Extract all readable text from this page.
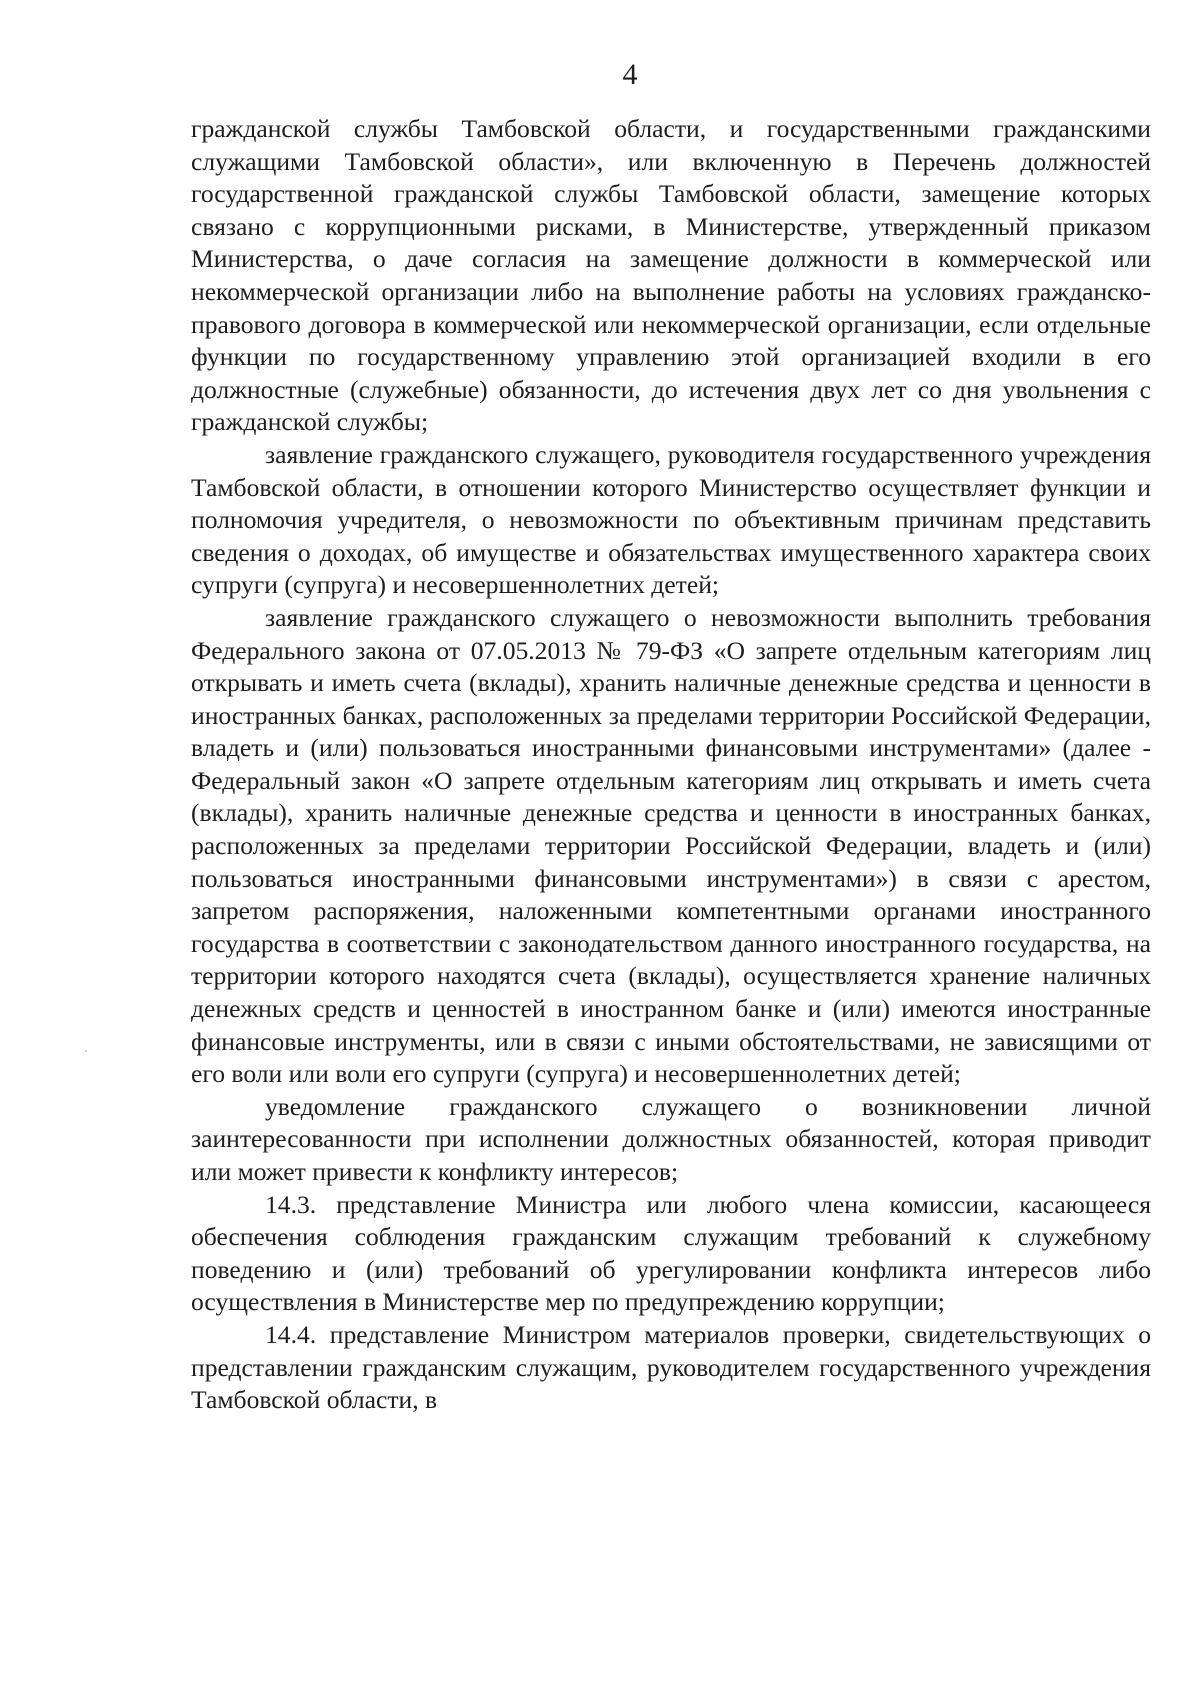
4

гражданской службы Тамбовской области, и государственными гражданскими служащими Тамбовской области», или включенную в Перечень должностей государственной гражданской службы Тамбовской области, замещение которых связано с коррупционными рисками, в Министерстве, утвержденный приказом Министерства, о даче согласия на замещение должности в коммерческой или некоммерческой организации либо на выполнение работы на условиях гражданско-правового договора в коммерческой или некоммерческой организации, если отдельные функции по государственному управлению этой организацией входили в его должностные (служебные) обязанности, до истечения двух лет со дня увольнения с гражданской службы;

заявление гражданского служащего, руководителя государственного учреждения Тамбовской области, в отношении которого Министерство осуществляет функции и полномочия учредителя, о невозможности по объективным причинам представить сведения о доходах, об имуществе и обязательствах имущественного характера своих супруги (супруга) и несовершеннолетних детей;

заявление гражданского служащего о невозможности выполнить требования Федерального закона от 07.05.2013 № 79-ФЗ «О запрете отдельным категориям лиц открывать и иметь счета (вклады), хранить наличные денежные средства и ценности в иностранных банках, расположенных за пределами территории Российской Федерации, владеть и (или) пользоваться иностранными финансовыми инструментами» (далее - Федеральный закон «О запрете отдельным категориям лиц открывать и иметь счета (вклады), хранить наличные денежные средства и ценности в иностранных банках, расположенных за пределами территории Российской Федерации, владеть и (или) пользоваться иностранными финансовыми инструментами») в связи с арестом, запретом распоряжения, наложенными компетентными органами иностранного государства в соответствии с законодательством данного иностранного государства, на территории которого находятся счета (вклады), осуществляется хранение наличных денежных средств и ценностей в иностранном банке и (или) имеются иностранные финансовые инструменты, или в связи с иными обстоятельствами, не зависящими от его воли или воли его супруги (супруга) и несовершеннолетних детей;

уведомление гражданского служащего о возникновении личной заинтересованности при исполнении должностных обязанностей, которая приводит или может привести к конфликту интересов;

14.3. представление Министра или любого члена комиссии, касающееся обеспечения соблюдения гражданским служащим требований к служебному поведению и (или) требований об урегулировании конфликта интересов либо осуществления в Министерстве мер по предупреждению коррупции;

14.4. представление Министром материалов проверки, свидетельствующих о представлении гражданским служащим, руководителем государственного учреждения Тамбовской области, в
